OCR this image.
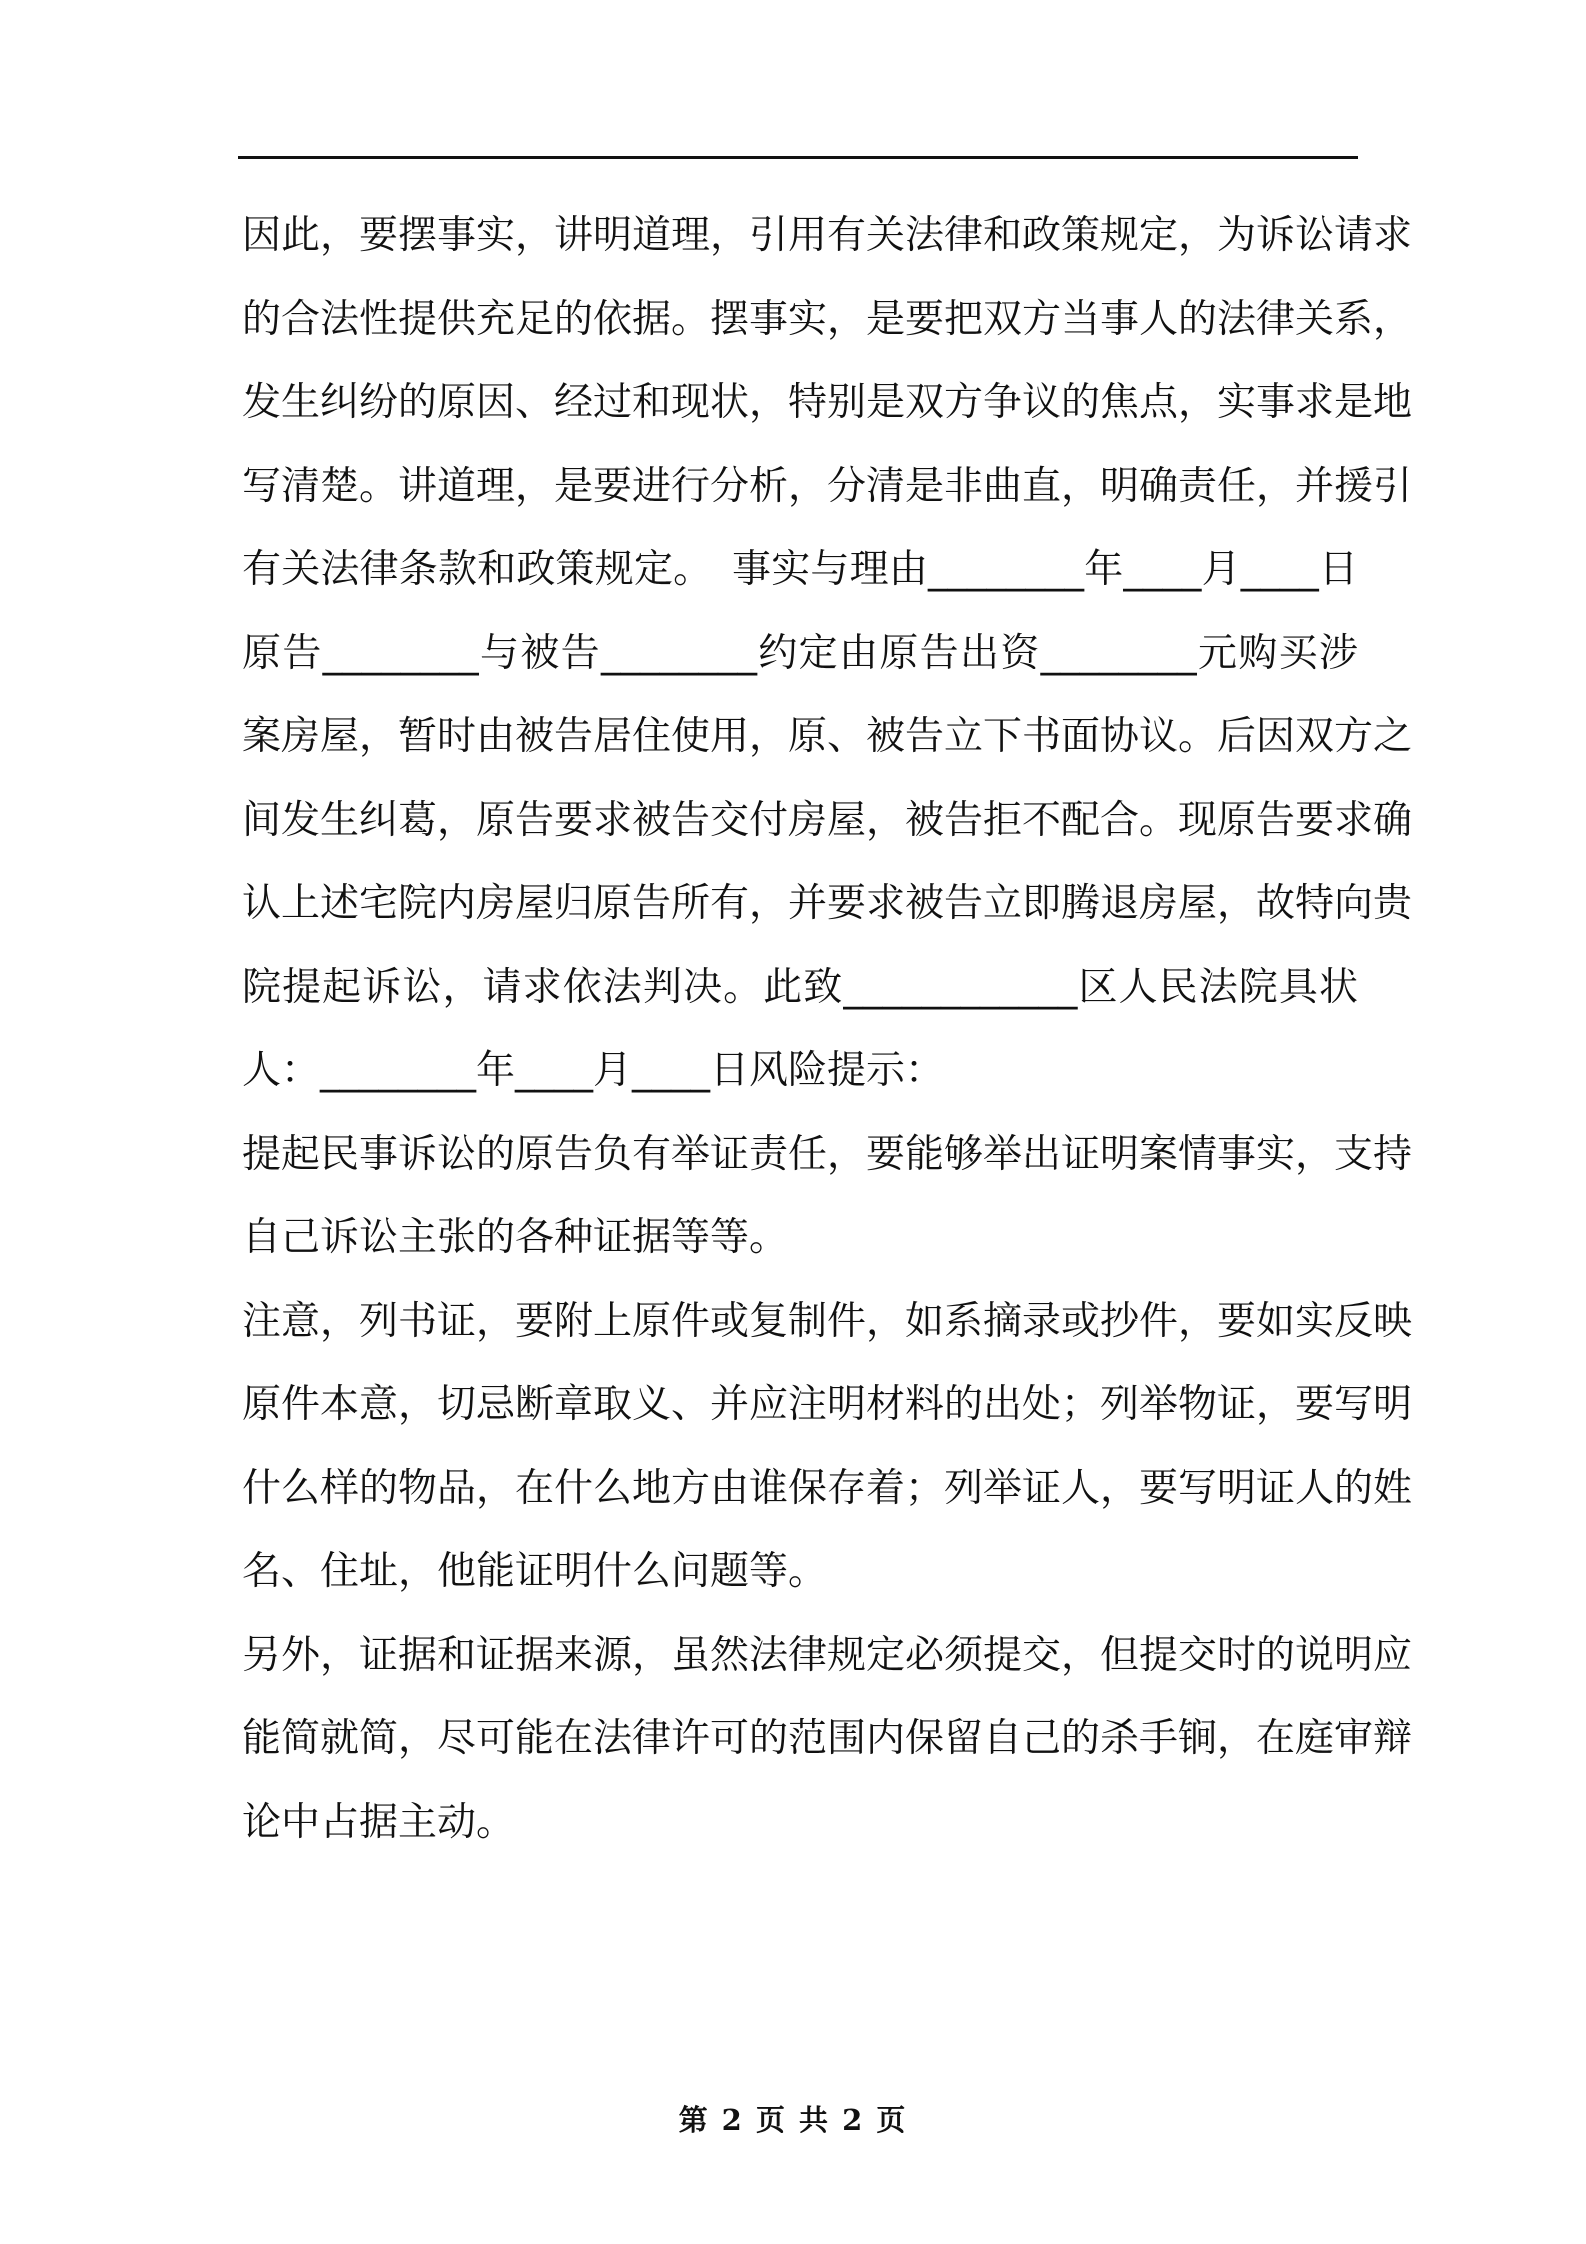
因此，要摆事实，讲明道理，引用有关法律和政策规定，为诉讼请求
的合法性提供充足的依据。摆事实，是要把双方当事人的法律关系，
发生纠纷的原因、经过和现状，特别是双方争议的焦点，实事求是地
写清楚。讲道理，是要进行分析，分清是非曲直，明确责任，并援引
有关法律条款和政策规定。　事实与理由________年____月____日
原告________与被告________约定由原告出资________元购买涉
案房屋，暂时由被告居住使用，原、被告立下书面协议。后因双方之
间发生纠葛，原告要求被告交付房屋，被告拒不配合。现原告要求确
认上述宅院内房屋归原告所有，并要求被告立即腾退房屋，故特向贵
院提起诉讼，请求依法判决。此致____________区人民法院具状
人：________年____月____日风险提示：
提起民事诉讼的原告负有举证责任，要能够举出证明案情事实，支持
自己诉讼主张的各种证据等等。
注意，列书证，要附上原件或复制件，如系摘录或抄件，要如实反映
原件本意，切忌断章取义、并应注明材料的出处；列举物证，要写明
什么样的物品，在什么地方由谁保存着；列举证人，要写明证人的姓
名、住址，他能证明什么问题等。
另外，证据和证据来源，虽然法律规定必须提交，但提交时的说明应
能简就简，尽可能在法律许可的范围内保留自己的杀手锏，在庭审辩
论中占据主动。
第 2 页 共 2 页
